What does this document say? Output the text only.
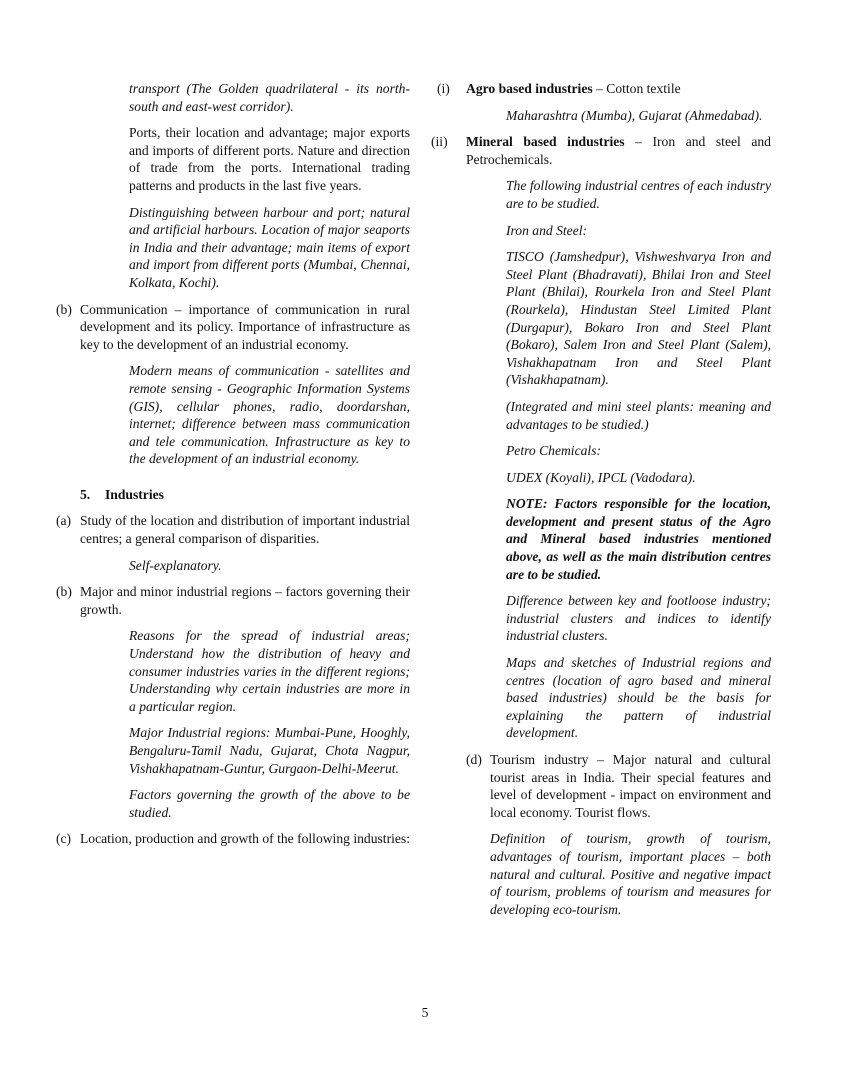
transport (The Golden quadrilateral - its north-south and east-west corridor).

Ports, their location and advantage; major exports and imports of different ports. Nature and direction of trade from the ports. International trading patterns and products in the last five years.

Distinguishing between harbour and port; natural and artificial harbours. Location of major seaports in India and their advantage; main items of export and import from different ports (Mumbai, Chennai, Kolkata, Kochi).

(b) Communication – importance of communication in rural development and its policy. Importance of infrastructure as key to the development of an industrial economy.

Modern means of communication - satellites and remote sensing - Geographic Information Systems (GIS), cellular phones, radio, doordarshan, internet; difference between mass communication and tele communication. Infrastructure as key to the development of an industrial economy.

5. Industries
(a) Study of the location and distribution of important industrial centres; a general comparison of disparities.

Self-explanatory.

(b) Major and minor industrial regions – factors governing their growth.

Reasons for the spread of industrial areas; Understand how the distribution of heavy and consumer industries varies in the different regions; Understanding why certain industries are more in a particular region.

Major Industrial regions: Mumbai-Pune, Hooghly, Bengaluru-Tamil Nadu, Gujarat, Chota Nagpur, Vishakhapatnam-Guntur, Gurgaon-Delhi-Meerut.

Factors governing the growth of the above to be studied.

(c) Location, production and growth of the following industries:
(i) Agro based industries – Cotton textile

Maharashtra (Mumba), Gujarat (Ahmedabad).

(ii) Mineral based industries – Iron and steel and Petrochemicals.

The following industrial centres of each industry are to be studied.

Iron and Steel:

TISCO (Jamshedpur), Vishweshvarya Iron and Steel Plant (Bhadravati), Bhilai Iron and Steel Plant (Bhilai), Rourkela Iron and Steel Plant (Rourkela), Hindustan Steel Limited Plant (Durgapur), Bokaro Iron and Steel Plant (Bokaro), Salem Iron and Steel Plant (Salem), Vishakhapatnam Iron and Steel Plant (Vishakhapatnam).

(Integrated and mini steel plants: meaning and advantages to be studied.)

Petro Chemicals:

UDEX (Koyali), IPCL (Vadodara).

NOTE: Factors responsible for the location, development and present status of the Agro and Mineral based industries mentioned above, as well as the main distribution centres are to be studied.

Difference between key and footloose industry; industrial clusters and indices to identify industrial clusters.

Maps and sketches of Industrial regions and centres (location of agro based and mineral based industries) should be the basis for explaining the pattern of industrial development.

(d) Tourism industry – Major natural and cultural tourist areas in India. Their special features and level of development - impact on environment and local economy. Tourist flows.

Definition of tourism, growth of tourism, advantages of tourism, important places – both natural and cultural. Positive and negative impact of tourism, problems of tourism and measures for developing eco-tourism.

5
